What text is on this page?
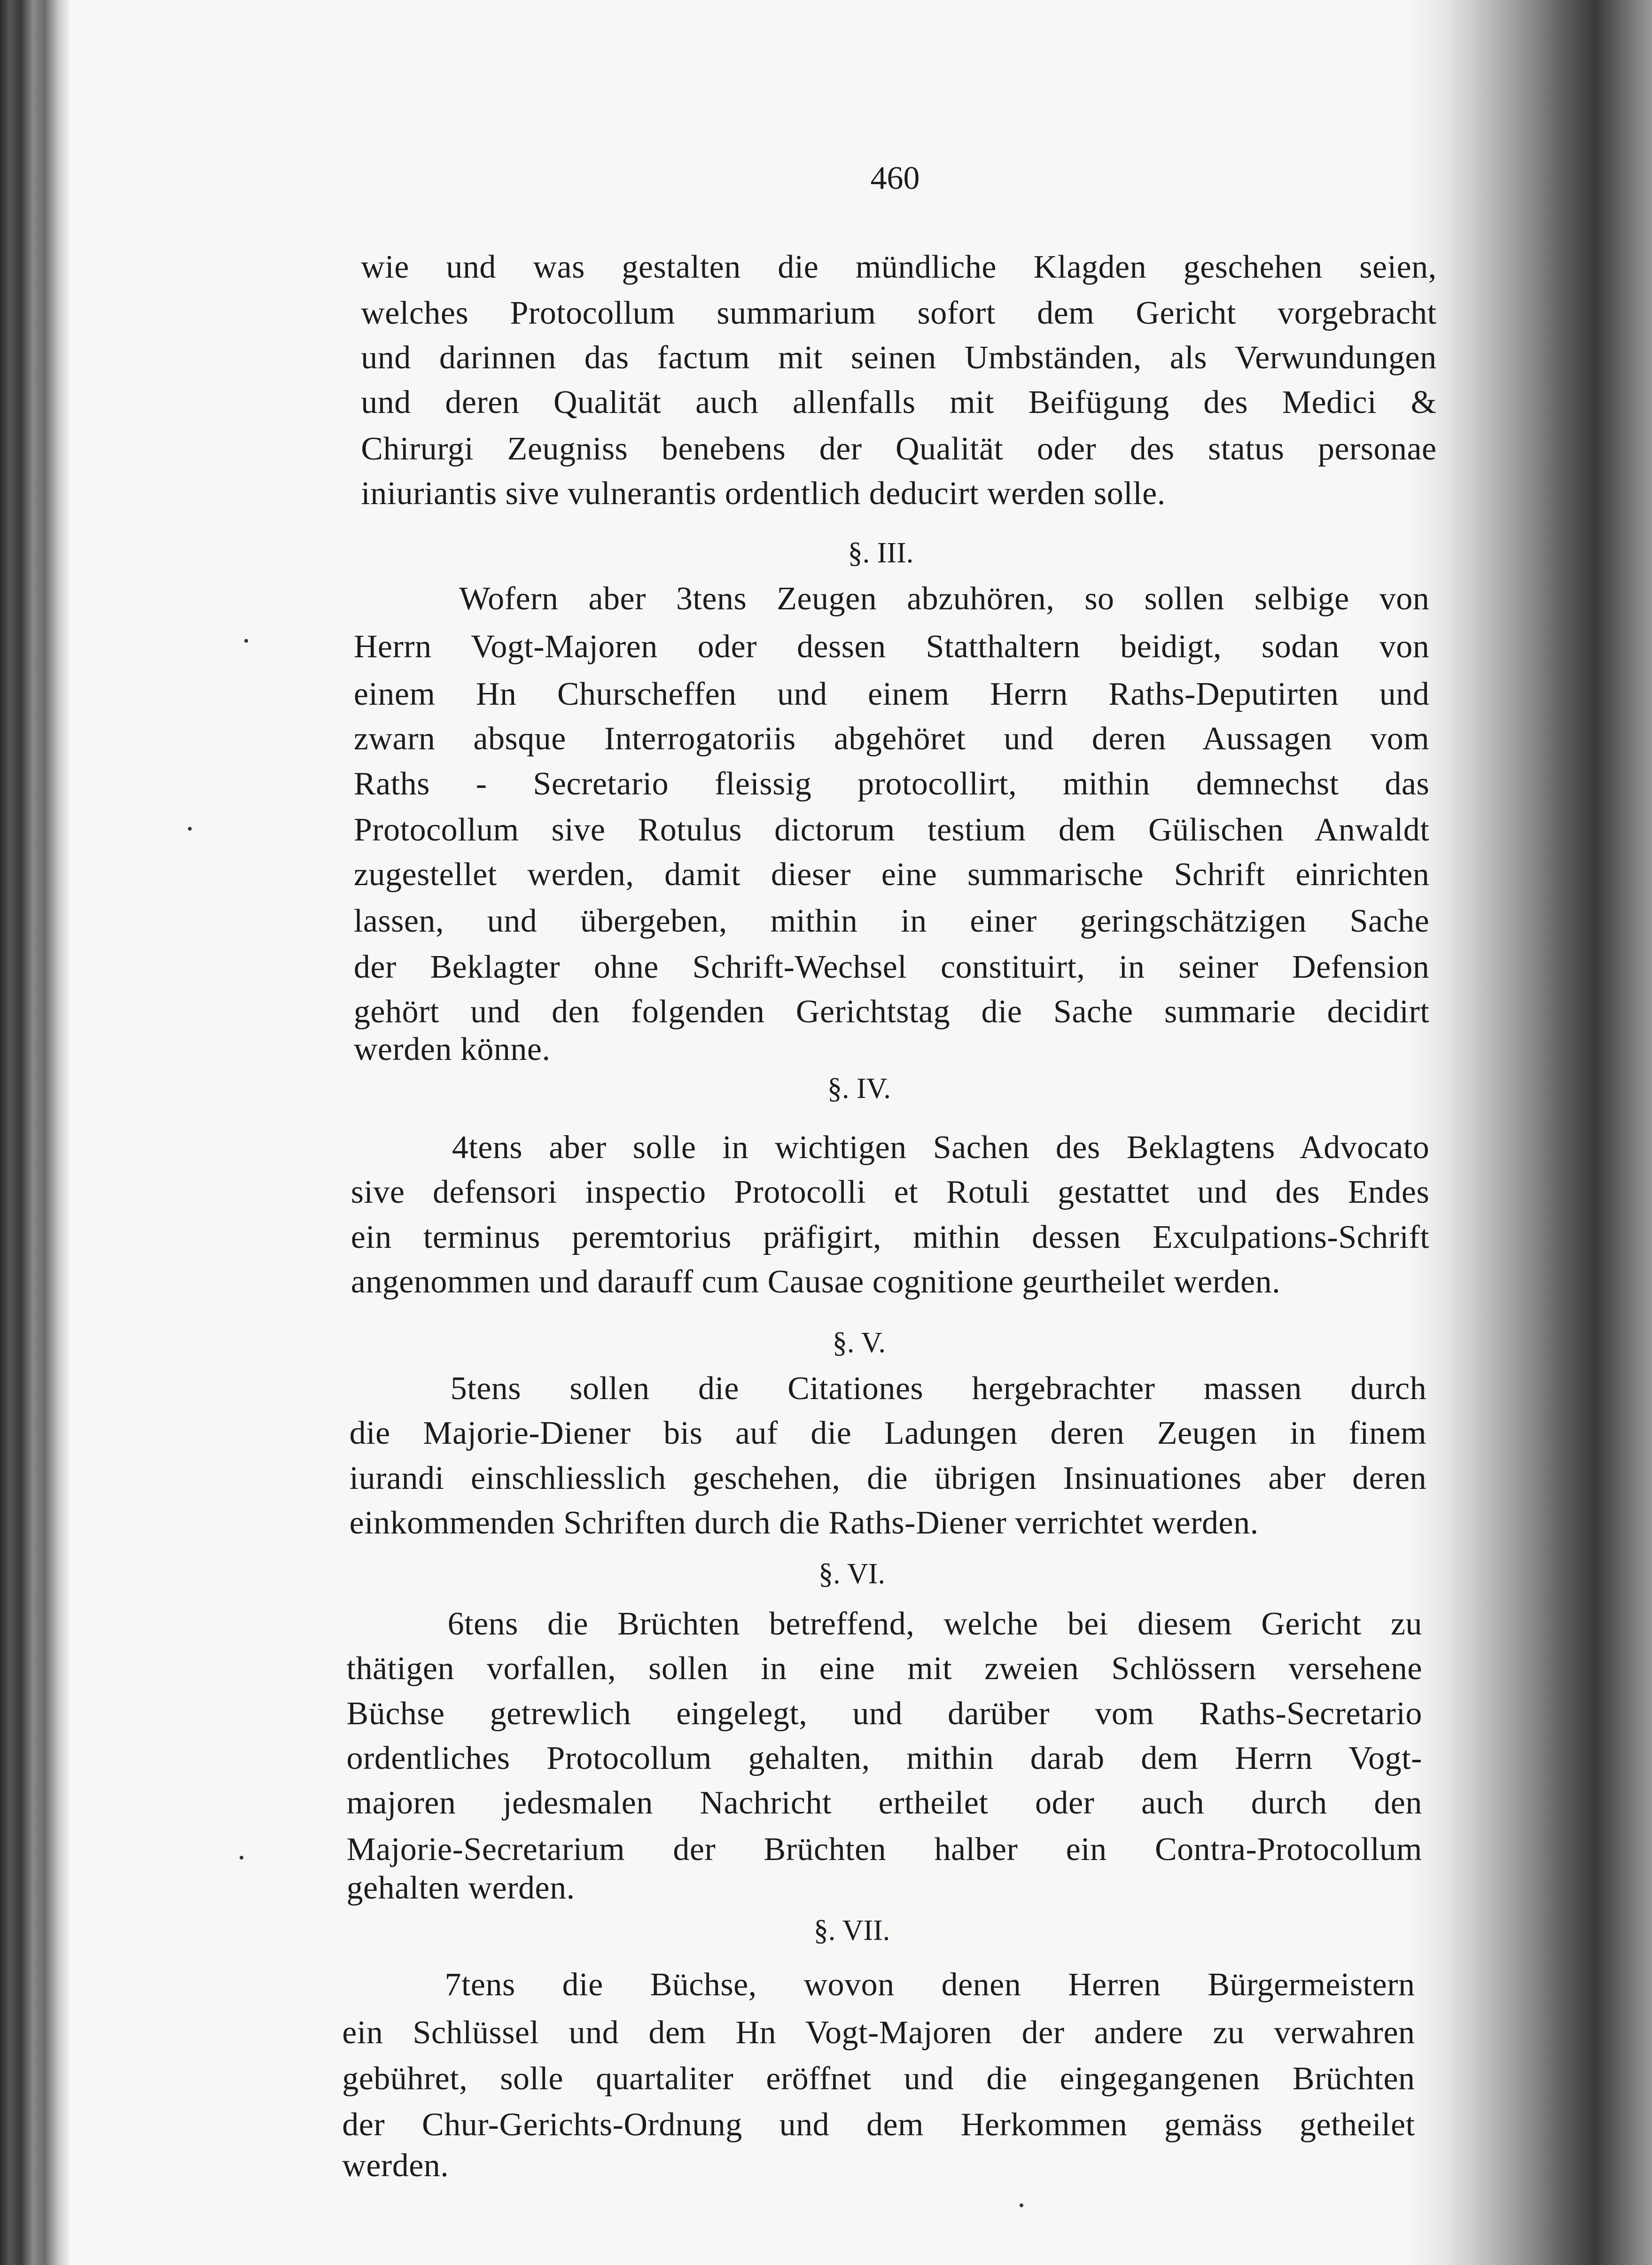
460
wie und was gestalten die mündliche Klagden geschehen seien,
welches Protocollum summarium sofort dem Gericht vorgebracht
und darinnen das factum mit seinen Umbständen, als Verwundungen
und deren Qualität auch allenfalls mit Beifügung des Medici &
Chirurgi Zeugniss benebens der Qualität oder des status personae
iniuriantis sive vulnerantis ordentlich deducirt werden solle.
§. III.
Wofern aber 3tens Zeugen abzuhören, so sollen selbige von
Herrn Vogt-Majoren oder dessen Statthaltern beidigt, sodan von
einem Hn Churscheffen und einem Herrn Raths-Deputirten und
zwarn absque Interrogatoriis abgehöret und deren Aussagen vom
Raths - Secretario fleissig protocollirt, mithin demnechst das
Protocollum sive Rotulus dictorum testium dem Gülischen Anwaldt
zugestellet werden, damit dieser eine summarische Schrift einrichten
lassen, und übergeben, mithin in einer geringschätzigen Sache
der Beklagter ohne Schrift-Wechsel constituirt, in seiner Defension
gehört und den folgenden Gerichtstag die Sache summarie decidirt
werden könne.
§. IV.
4tens aber solle in wichtigen Sachen des Beklagtens Advocato
sive defensori inspectio Protocolli et Rotuli gestattet und des Endes
ein terminus peremtorius präfigirt, mithin dessen Exculpations-Schrift
angenommen und darauff cum Causae cognitione geurtheilet werden.
§. V.
5tens sollen die Citationes hergebrachter massen durch
die Majorie-Diener bis auf die Ladungen deren Zeugen in finem
iurandi einschliesslich geschehen, die übrigen Insinuationes aber deren
einkommenden Schriften durch die Raths-Diener verrichtet werden.
§. VI.
6tens die Brüchten betreffend, welche bei diesem Gericht zu
thätigen vorfallen, sollen in eine mit zweien Schlössern versehene
Büchse getrewlich eingelegt, und darüber vom Raths-Secretario
ordentliches Protocollum gehalten, mithin darab dem Herrn Vogt-
majoren jedesmalen Nachricht ertheilet oder auch durch den
Majorie-Secretarium der Brüchten halber ein Contra-Protocollum
gehalten werden.
§. VII.
7tens die Büchse, wovon denen Herren Bürgermeistern
ein Schlüssel und dem Hn Vogt-Majoren der andere zu verwahren
gebühret, solle quartaliter eröffnet und die eingegangenen Brüchten
der Chur-Gerichts-Ordnung und dem Herkommen gemäss getheilet
werden.
